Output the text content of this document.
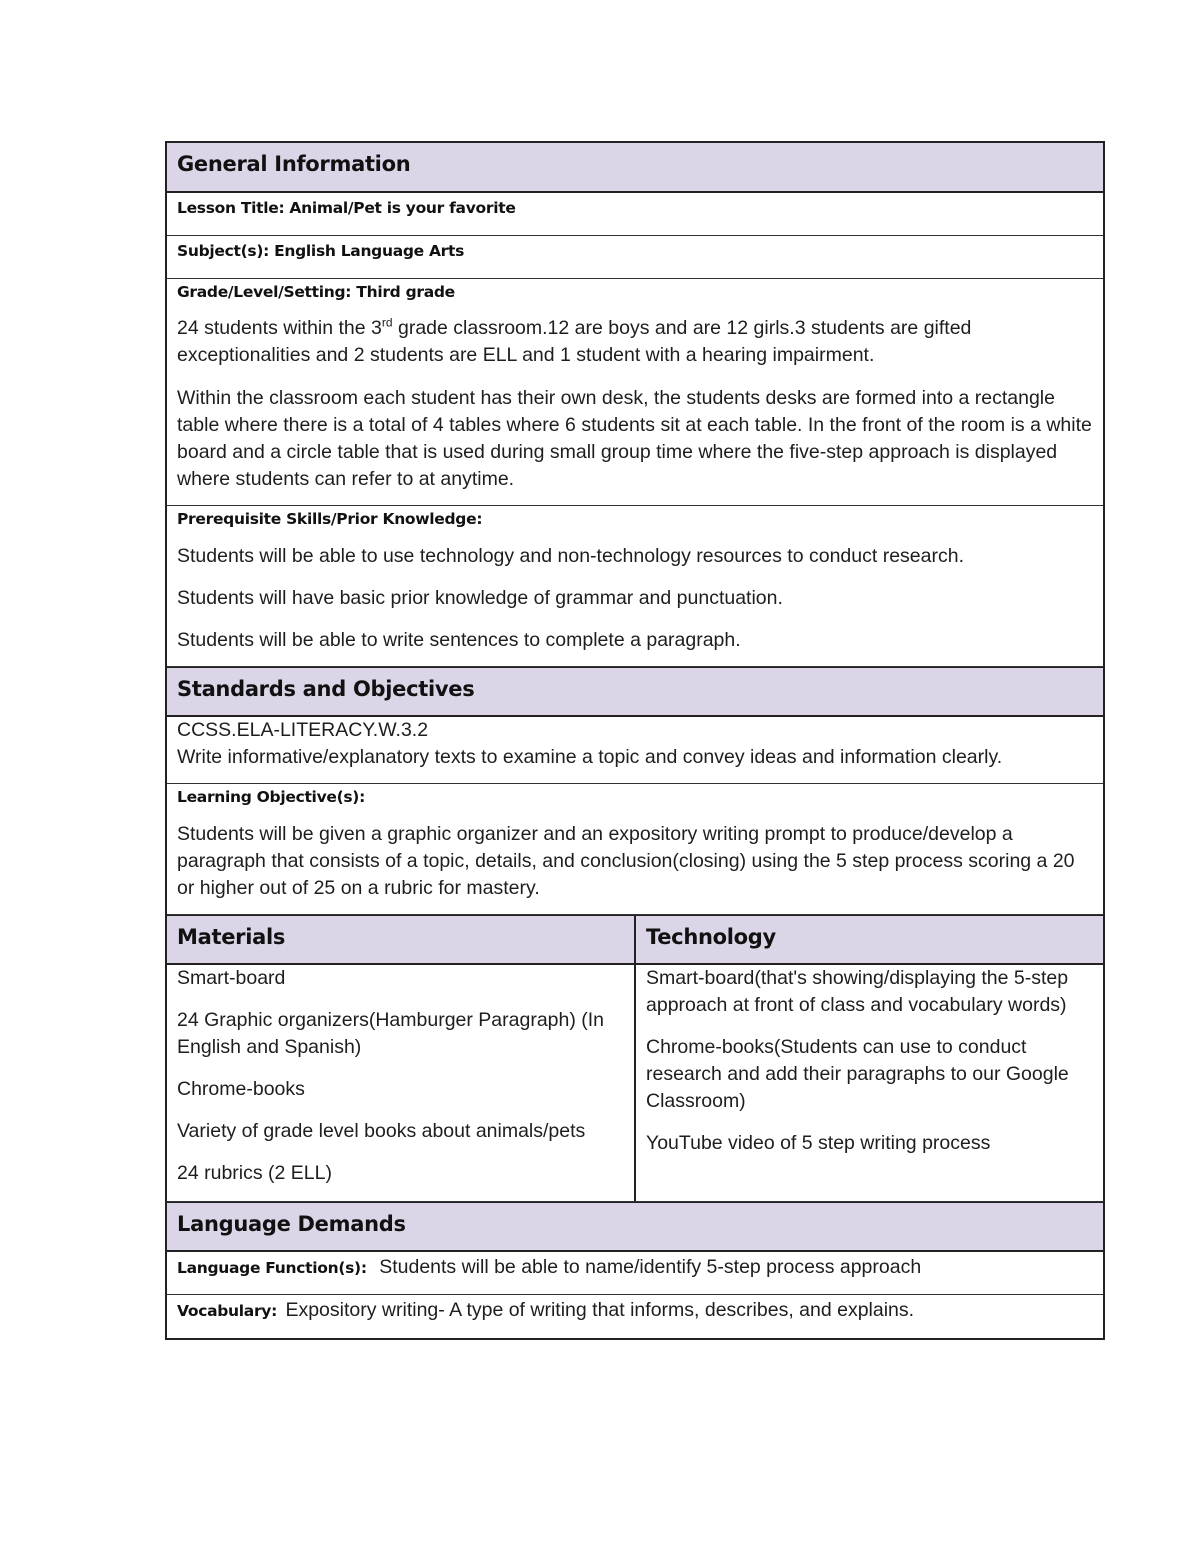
General Information
Lesson Title: Animal/Pet is your favorite
Subject(s): English Language Arts
Grade/Level/Setting: Third grade

24 students within the 3rd grade classroom.12 are boys and are 12 girls.3 students are gifted exceptionalities and 2 students are ELL and 1 student with a hearing impairment.

Within the classroom each student has their own desk, the students desks are formed into a rectangle table where there is a total of 4 tables where 6 students sit at each table. In the front of the room is a white board and a circle table that is used during small group time where the five-step approach is displayed where students can refer to at anytime.

Prerequisite Skills/Prior Knowledge:

Students will be able to use technology and non-technology resources to conduct research.

Students will have basic prior knowledge of grammar and punctuation.

Students will be able to write sentences to complete a paragraph.

Standards and Objectives
CCSS.ELA-LITERACY.W.3.2
Write informative/explanatory texts to examine a topic and convey ideas and information clearly.
Learning Objective(s):

Students will be given a graphic organizer and an expository writing prompt to produce/develop a paragraph that consists of a topic, details, and conclusion(closing) using the 5 step process scoring a 20 or higher out of 25 on a rubric for mastery.

Materials	Technology

Smart-board

24 Graphic organizers(Hamburger Paragraph) (In English and Spanish)

Chrome-books

Variety of grade level books about animals/pets

24 rubrics (2 ELL)

Smart-board(that's showing/displaying the 5-step approach at front of class and vocabulary words)

Chrome-books(Students can use to conduct research and add their paragraphs to our Google Classroom)

YouTube video of 5 step writing process

Language Demands
Language Function(s): Students will be able to name/identify 5-step process approach
Vocabulary: Expository writing- A type of writing that informs, describes, and explains.
